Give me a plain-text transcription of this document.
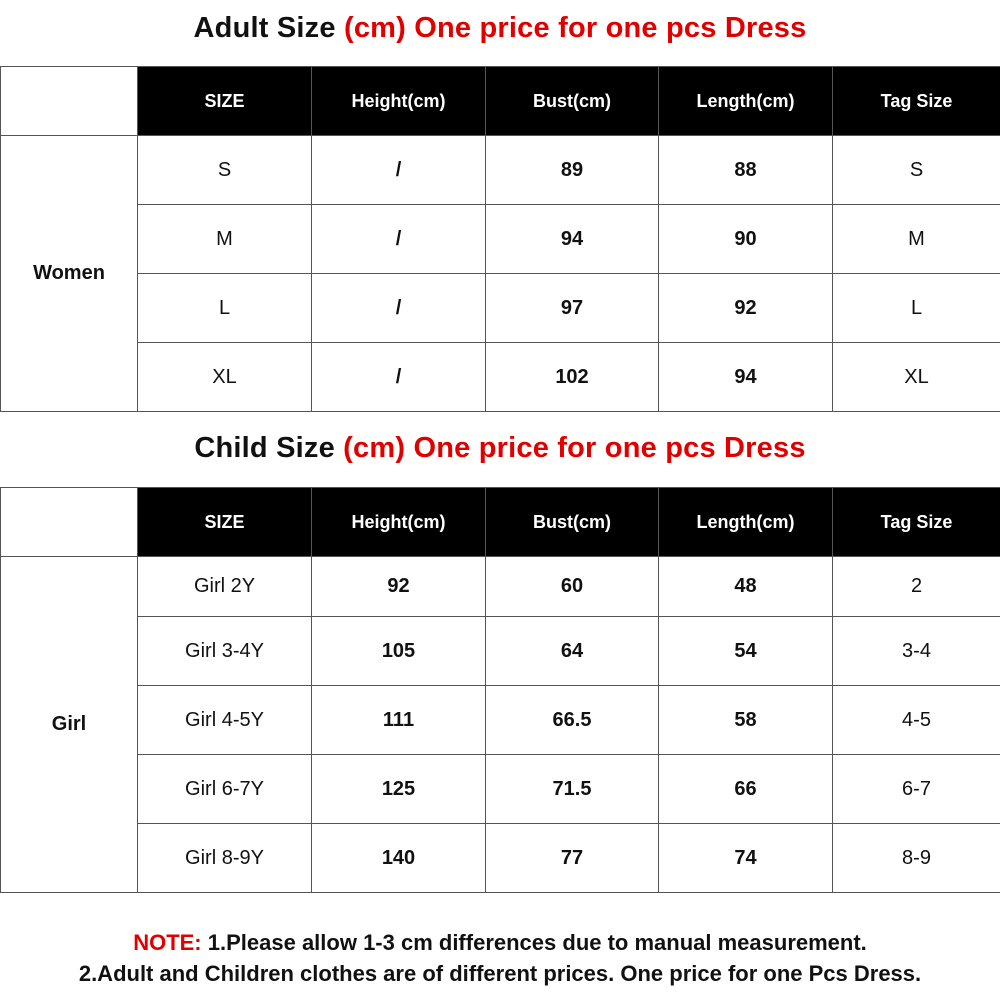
Adult Size (cm) One price for one pcs Dress
	SIZE	Height(cm)	Bust(cm)	Length(cm)	Tag Size
Women	S	/	89	88	S
	M	/	94	90	M
	L	/	97	92	L
	XL	/	102	94	XL
Child Size (cm) One price for one pcs Dress
	SIZE	Height(cm)	Bust(cm)	Length(cm)	Tag Size
Girl	Girl 2Y	92	60	48	2
	Girl 3-4Y	105	64	54	3-4
	Girl 4-5Y	111	66.5	58	4-5
	Girl 6-7Y	125	71.5	66	6-7
	Girl 8-9Y	140	77	74	8-9
NOTE: 1.Please allow 1-3 cm differences due to manual measurement.
2.Adult and Children clothes are of different prices. One price for one Pcs Dress.
